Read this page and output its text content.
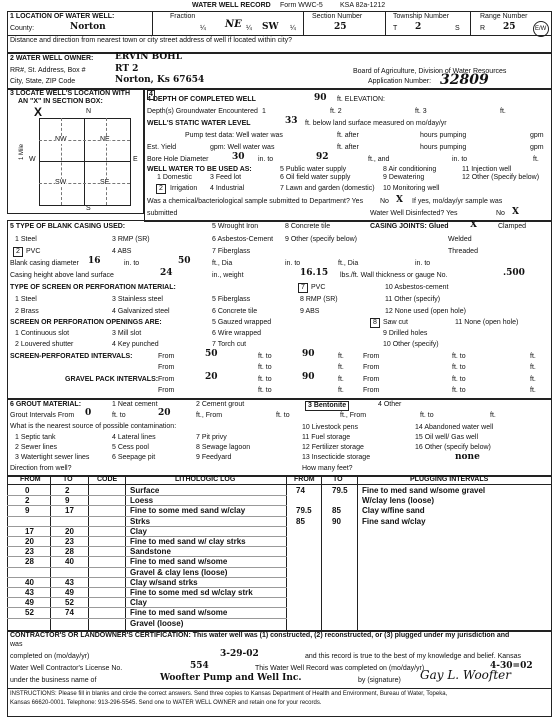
WATER WELL RECORD Form WWC-5 KSA 82a-1212
1 LOCATION OF WATER WELL:
County:	Norton
Fraction
¼ NE ¼ SW ¼
Section Number
25
Township Number
T 2	S
Range Number
R 25	E/W
Distance and direction from nearest town or city street address of well if located within city?
2 WATER WELL OWNER: ERVIN BOHL
RR#, St. Address, Box #	RT 2
City, State, ZIP Code	Norton, Ks 67654
Board of Agriculture, Division of Water Resources
Application Number: 32809
3 LOCATE WELL'S LOCATION WITH
AN "X" IN SECTION BOX:
X	N
S
E
W
1 Mile
NW	NE
SW	SE
4 DEPTH OF COMPLETED WELL	90 ft. ELEVATION:
Depth(s) Groundwater Encountered 1	ft. 2	ft. 3	ft.
WELL'S STATIC WATER LEVEL	33 ft. below land surface measured on mo/day/yr
Pump test data: Well water was	ft. after	hours pumping	gpm
Est. Yield	gpm: Well water was	ft. after	hours pumping	gpm
Bore Hole Diameter	30 in. to	92	ft., and	in. to	ft.
WELL WATER TO BE USED AS:
1 Domestic	3 Feed lot
5 Public water supply
6 Oil field water supply
8 Air conditioning
9 Dewatering
11 Injection well
12 Other (Specify below)
2	Irrigation 4 Industrial	7 Lawn and garden (domestic) 10 Monitoring well
Was a chemical/bacteriological sample submitted to Department? Yes No X If yes, mo/day/yr sample was
submitted	Water Well Disinfected? Yes	No X
5 TYPE OF BLANK CASING USED:	5 Wrought Iron	8 Concrete tile	CASING JOINTS: Glued X	Clamped
1 Steel	3 RMP (SR)	6 Asbestos-Cement 9 Other (specify below)	Welded
2 PVC	4 ABS	7 Fiberglass	Threaded
Blank casing diameter 16	in. to	50	ft., Dia	in. to	ft., Dia	in. to
Casing height above land surface	24	in., weight	16.15 lbs./ft. Wall thickness or gauge No.	.500
TYPE OF SCREEN OR PERFORATION MATERIAL:	7 PVC	10 Asbestos-cement
1 Steel	3 Stainless steel	5 Fiberglass	8 RMP (SR)	11 Other (specify)
2 Brass	4 Galvanized steel	6 Concrete tile	9 ABS	12 None used (open hole)
SCREEN OR PERFORATION OPENINGS ARE:	5 Gauzed wrapped	8 Saw cut	11 None (open hole)
1 Continuous slot	3 Mill slot	6 Wire wrapped	9 Drilled holes
2 Louvered shutter	4 Key punched	7 Torch cut	10 Other (specify)
SCREEN-PERFORATED INTERVALS:	From	50	ft. to	90	ft.	From	ft. to	ft.
From	ft. to	ft.	From	ft. to	ft.
GRAVEL PACK INTERVALS: From	20	ft. to	90	ft.	From	ft. to	ft.
From	ft. to	ft.	From	ft. to	ft.
6 GROUT MATERIAL:	1 Neat cement	2 Cement grout	3 Bentonite	4 Other
Grout Intervals From 0	ft. to	20	ft., From	ft. to	ft., From	ft. to	ft.
What is the nearest source of possible contamination:
1 Septic tank
2 Sewer lines
3 Watertight sewer lines
4 Lateral lines
5 Cess pool
6 Seepage pit
7 Pit privy
8 Sewage lagoon
9 Feedyard
10 Livestock pens
11 Fuel storage
12 Fertilizer storage
13 Insecticide storage
14 Abandoned water well
15 Oil well/ Gas well
16 Other (specify below)
none
Direction from well?	How many feet?
FROM	TO	CODE	LITHOLOGIC LOG	FROM	TO	PLUGGING INTERVALS
CONTRACTOR'S OR LANDOWNER'S CERTIFICATION: This water well was (1) constructed, (2) reconstructed, or (3) plugged under my jurisdiction and
was
completed on (mo/day/yr)	3-29-02	and this record is true to the best of my knowledge and belief. Kansas
Water Well Contractor's License No.	554	This Water Well Record was completed on (mo/day/yr)	4-30=02
under the business name of	Woofter Pump and Well Inc.	by (signature) Gay L. Woofter
INSTRUCTIONS: Please fill in blanks and circle the correct answers. Send three copies to Kansas Department of Health and Environment, Bureau of Water, Topeka,
Kansas 66620-0001. Telephone: 913-296-5545. Send one to WATER WELL OWNER and retain one for your records.
4
0	2	Surface
2	9	Loess
9	17	Fine to some med sand w/clay
Strks
17	20	Clay
20	23	Fine to med sand w/ clay strks
23	28	Sandstone
28	40	Fine to med sand w/some
Gravel & clay lens (loose)
40	43	Clay w/sand strks
43	49	Fine to some med sd w/clay strk
49	52	Clay
52	74	Fine to med sand w/some
Gravel (loose)
74	79.5 Fine to med sand w/some gravel
W/clay lens (loose)
79.5	85	Clay w/fine sand
85	90	Fine sand w/clay
